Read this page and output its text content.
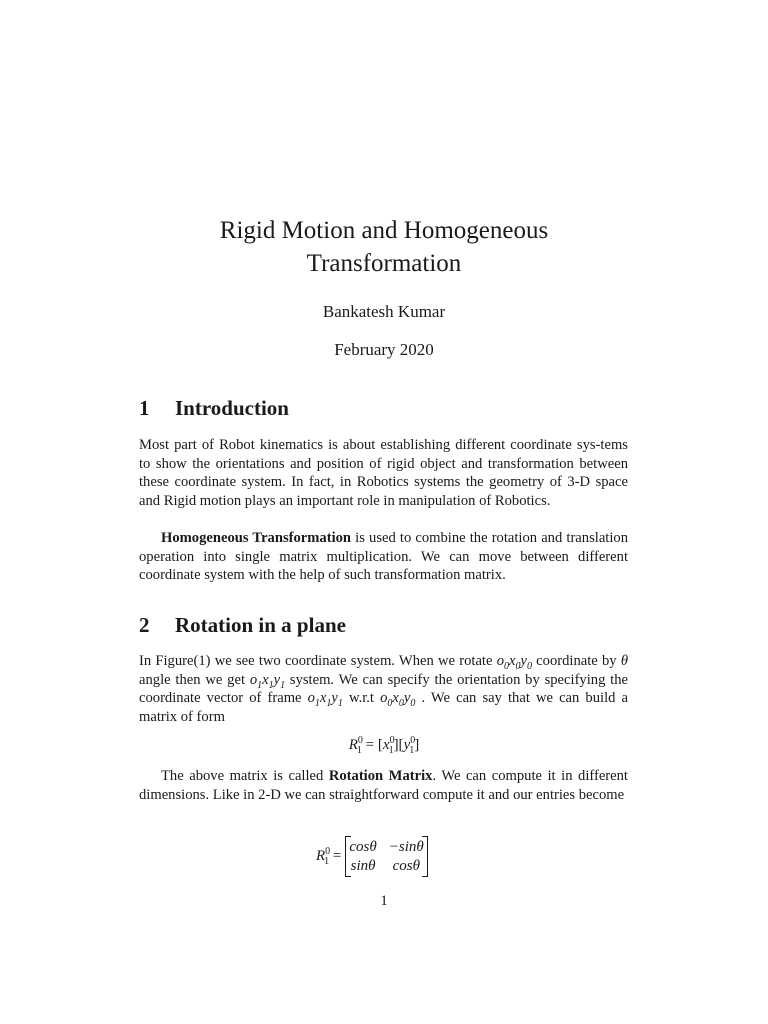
Rigid Motion and Homogeneous
Transformation
Bankatesh Kumar
February 2020
1 Introduction

Most part of Robot kinematics is about establishing different coordinate sys-tems to show the orientations and position of rigid object and transformation between these coordinate system. In fact, in Robotics systems the geometry of 3-D space and Rigid motion plays an important role in manipulation of Robotics.

Homogeneous Transformation is used to combine the rotation and translation operation into single matrix multiplication. We can move between different coordinate system with the help of such transformation matrix.

2 Rotation in a plane

In Figure(1) we see two coordinate system. When we rotate $o_0x_0y_0$ coordinate by θ angle then we get $o_1x_1y_1$ system. We can specify the orientation by specifying the coordinate vector of frame $o_1x_1y_1$ w.r.t $o_0x_0y_0$ . We can say that we can build a matrix of form

$R^0_1 = [x^0_1][y^0_1]$

The above matrix is called Rotation Matrix. We can compute it in different dimensions. Like in 2-D we can straightforward compute it and our entries become

$R^0_1$ =
cosθ −sinθ
sinθ cosθ
1
